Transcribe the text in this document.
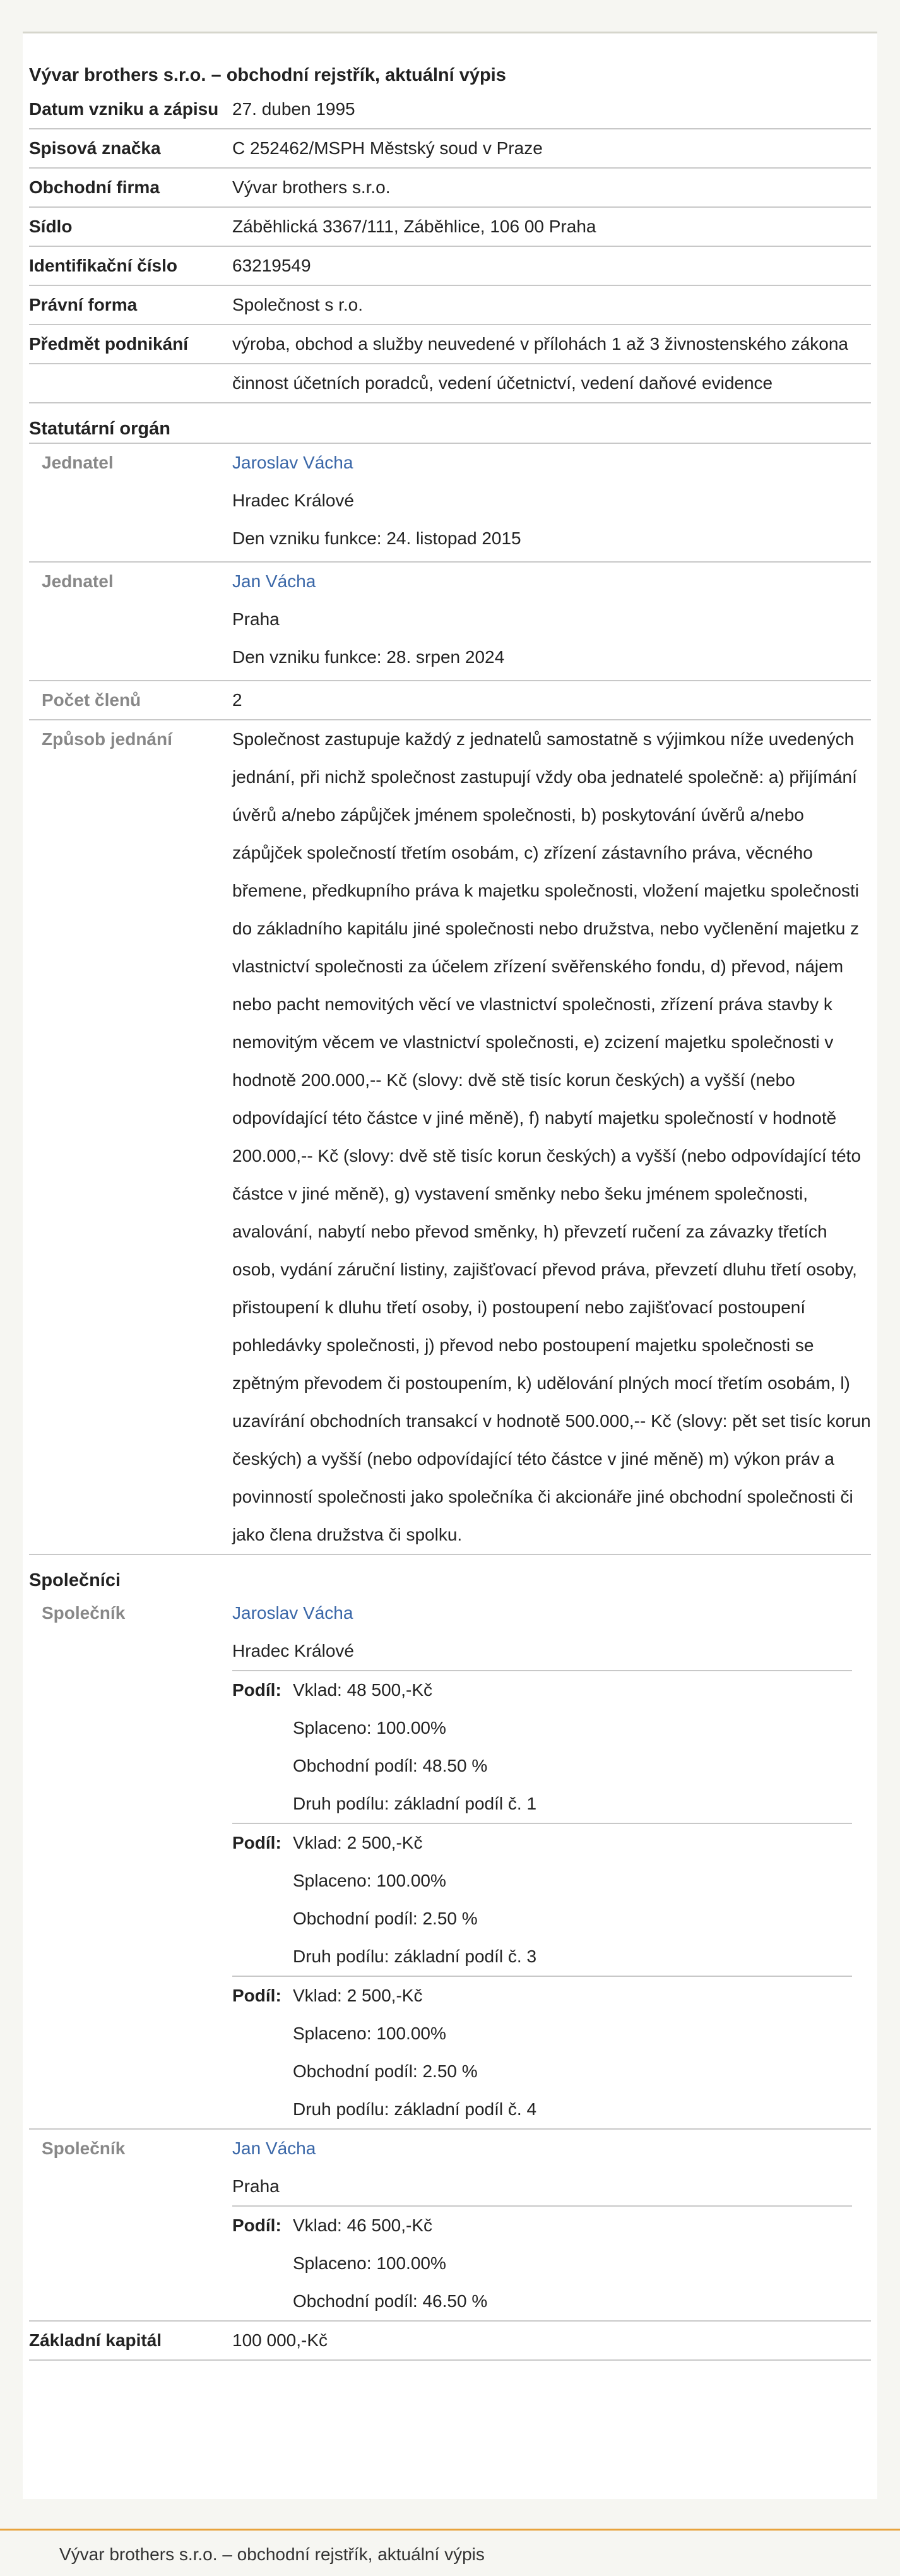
Vývar brothers s.r.o. – obchodní rejstřík, aktuální výpis
Datum vzniku a zápisu 27. duben 1995
Spisová značka	C 252462/MSPH Městský soud v Praze
Obchodní firma	Vývar brothers s.r.o.
Sídlo	Záběhlická 3367/111, Záběhlice, 106 00 Praha
Identifikační číslo	63219549
Právní forma	Společnost s r.o.
Předmět podnikání	výroba, obchod a služby neuvedené v přílohách 1 až 3 živnostenského zákona
činnost účetních poradců, vedení účetnictví, vedení daňové evidence
Statutární orgán
Jednatel	Jaroslav Vácha
Hradec Králové
Den vzniku funkce: 24. listopad 2015
Jednatel	Jan Vácha
Praha
Den vzniku funkce: 28. srpen 2024
Počet členů	2
Způsob jednání	Společnost zastupuje každý z jednatelů samostatně s výjimkou níže uvedených jednání, při nichž společnost zastupují vždy oba jednatelé společně: a) přijímání úvěrů a/nebo zápůjček jménem společnosti, b) poskytování úvěrů a/nebo zápůjček společností třetím osobám, c) zřízení zástavního práva, věcného břemene, předkupního práva k majetku společnosti, vložení majetku společnosti do základního kapitálu jiné společnosti nebo družstva, nebo vyčlenění majetku z vlastnictví společnosti za účelem zřízení svěřenského fondu, d) převod, nájem nebo pacht nemovitých věcí ve vlastnictví společnosti, zřízení práva stavby k nemovitým věcem ve vlastnictví společnosti, e) zcizení majetku společnosti v hodnotě 200.000,-- Kč (slovy: dvě stě tisíc korun českých) a vyšší (nebo odpovídající této částce v jiné měně), f) nabytí majetku společností v hodnotě 200.000,-- Kč (slovy: dvě stě tisíc korun českých) a vyšší (nebo odpovídající této částce v jiné měně), g) vystavení směnky nebo šeku jménem společnosti, avalování, nabytí nebo převod směnky, h) převzetí ručení za závazky třetích osob, vydání záruční listiny, zajišťovací převod práva, převzetí dluhu třetí osoby, přistoupení k dluhu třetí osoby, i) postoupení nebo zajišťovací postoupení pohledávky společnosti, j) převod nebo postoupení majetku společnosti se zpětným převodem či postoupením, k) udělování plných mocí třetím osobám, l) uzavírání obchodních transakcí v hodnotě 500.000,-- Kč (slovy: pět set tisíc korun českých) a vyšší (nebo odpovídající této částce v jiné měně) m) výkon práv a povinností společnosti jako společníka či akcionáře jiné obchodní společnosti či jako člena družstva či spolku.
Společníci
Společník	Jaroslav Vácha
Hradec Králové
Podíl: Vklad: 48 500,-Kč
Splaceno: 100.00%
Obchodní podíl: 48.50 %
Druh podílu: základní podíl č. 1
Podíl: Vklad: 2 500,-Kč
Splaceno: 100.00%
Obchodní podíl: 2.50 %
Druh podílu: základní podíl č. 3
Podíl: Vklad: 2 500,-Kč
Splaceno: 100.00%
Obchodní podíl: 2.50 %
Druh podílu: základní podíl č. 4
Společník	Jan Vácha
Praha
Podíl: Vklad: 46 500,-Kč
Splaceno: 100.00%
Obchodní podíl: 46.50 %
Základní kapitál	100 000,-Kč
Vývar brothers s.r.o. – obchodní rejstřík, aktuální výpis
